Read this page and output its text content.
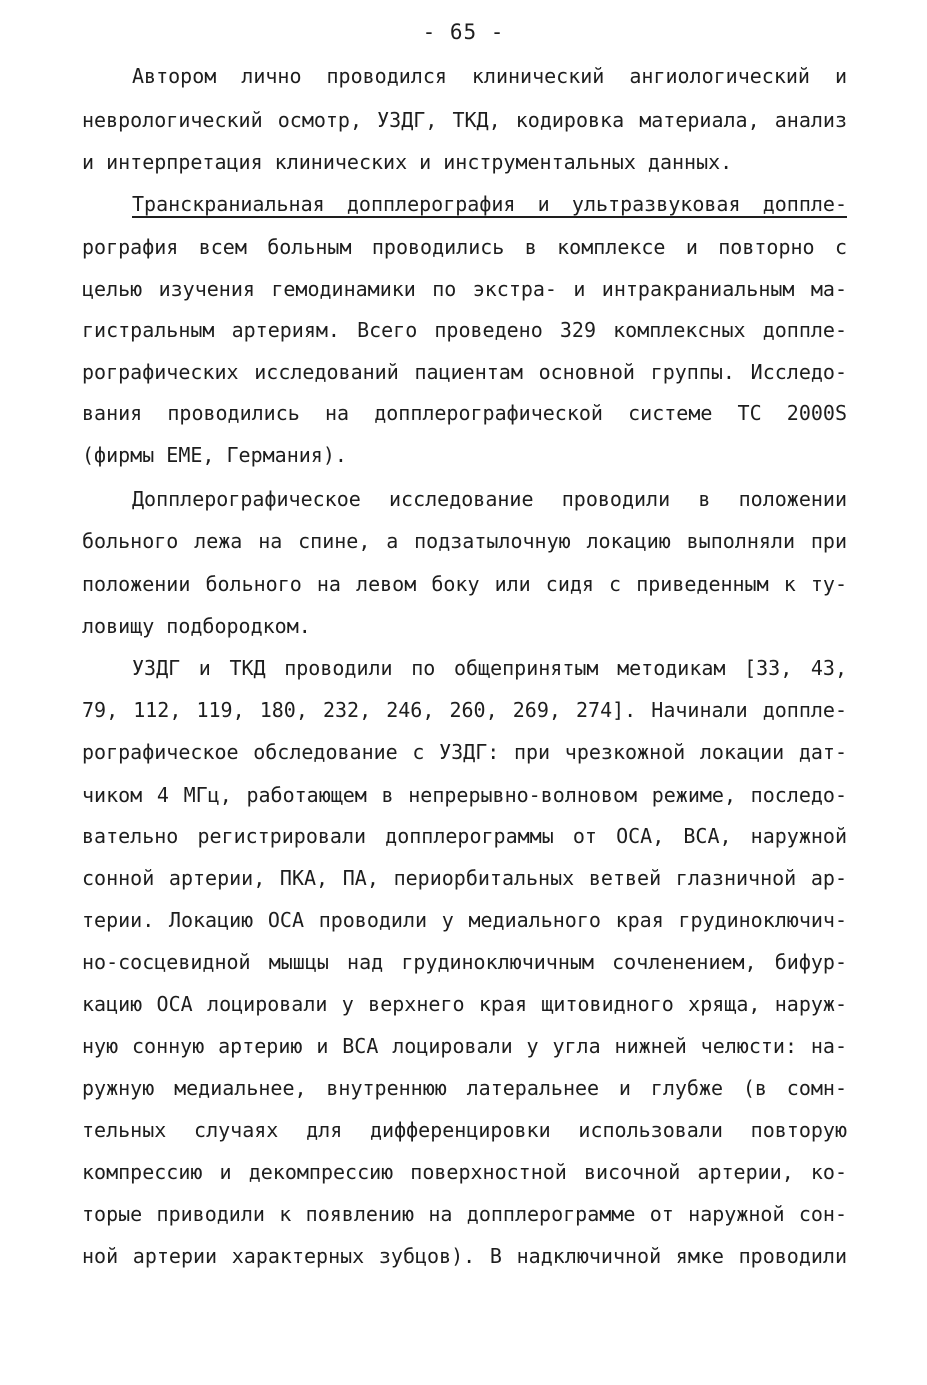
- 65 -
Автором лично проводился клинический ангиологический и
неврологический осмотр, УЗДГ, ТКД, кодировка материала, анализ
и интерпретация клинических и инструментальных данных.
Транскраниальная допплерография и ультразвуковая допплe-
рография всем больным проводились в комплексе и повторно с
целью изучения гемодинамики по экстра- и интракраниальным ма-
гистральным артериям. Всего проведено 329 комплексных доппле-
рографических исследований пациентам основной группы. Исследо-
вания проводились на допплерографической системе TC 2000S
(фирмы EME, Германия).
Допплерографическое исследование проводили в положении
больного лежа на спине, а подзатылочную локацию выполняли при
положении больного на левом боку или сидя с приведенным к ту-
ловищу подбородком.
УЗДГ и ТКД проводили по общепринятым методикам [33, 43,
79, 112, 119, 180, 232, 246, 260, 269, 274]. Начинали доппле-
рографическое обследование с УЗДГ: при чрезкожной локации дат-
чиком 4 МГц, работающем в непрерывно-волновом режиме, последо-
вательно регистрировали допплерограммы от ОСА, ВСА, наружной
сонной артерии, ПКА, ПА, периорбитальных ветвей глазничной ар-
терии. Локацию ОСА проводили у медиального края грудиноключич-
но-сосцевидной мышцы над грудиноключичным сочленением, бифур-
кацию ОСА лоцировали у верхнего края щитовидного хряща, наруж-
ную сонную артерию и ВСА лоцировали у угла нижней челюсти: на-
ружную медиальнее, внутреннюю латеральнее и глубже (в сомн-
тельных случаях для дифференцировки использовали повторую
компрессию и декомпрессию поверхностной височной артерии, ко-
торые приводили к появлению на допплерограмме от наружной сон-
ной артерии характерных зубцов). В надключичной ямке проводили
